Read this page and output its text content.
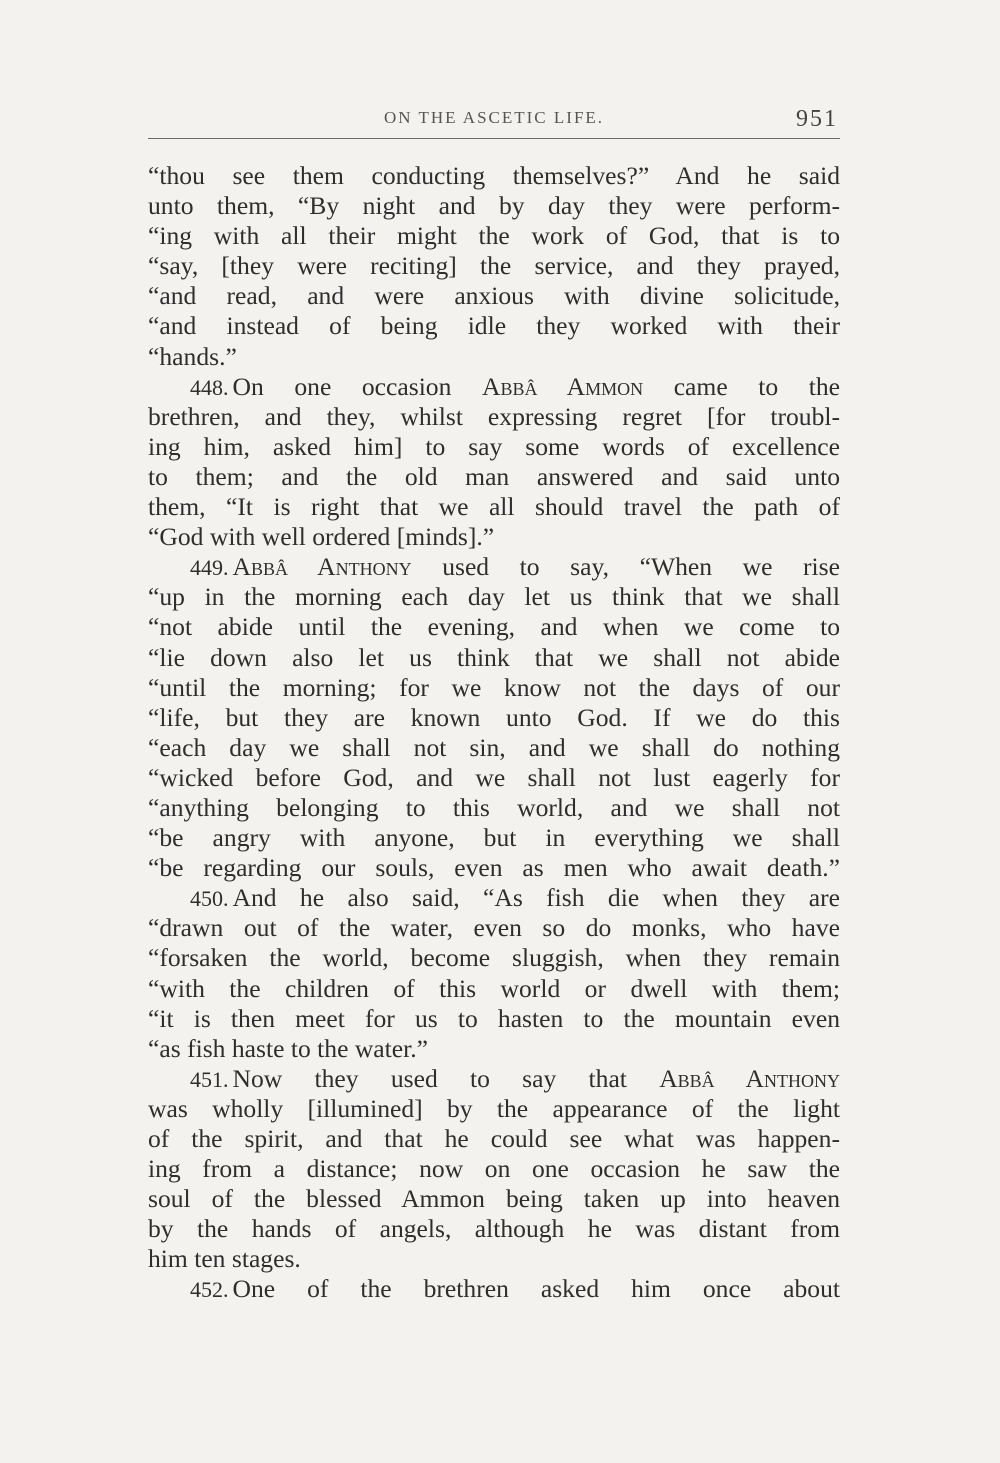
ON THE ASCETIC LIFE.	951
“thou see them conducting themselves?” And he said
unto them, “By night and by day they were perform-
“ing with all their might the work of God, that is to
“say, [they were reciting] the service, and they prayed,
“and read, and were anxious with divine solicitude,
“and instead of being idle they worked with their
“hands.”
448. On one occasion Abbâ Ammon came to the
brethren, and they, whilst expressing regret [for troubl-
ing him, asked him] to say some words of excellence
to them; and the old man answered and said unto
them, “It is right that we all should travel the path of
“God with well ordered [minds].”
449. Abbâ Anthony used to say, “When we rise
“up in the morning each day let us think that we shall
“not abide until the evening, and when we come to
“lie down also let us think that we shall not abide
“until the morning; for we know not the days of our
“life, but they are known unto God. If we do this
“each day we shall not sin, and we shall do nothing
“wicked before God, and we shall not lust eagerly for
“anything belonging to this world, and we shall not
“be angry with anyone, but in everything we shall
“be regarding our souls, even as men who await death.”
450. And he also said, “As fish die when they are
“drawn out of the water, even so do monks, who have
“forsaken the world, become sluggish, when they remain
“with the children of this world or dwell with them;
“it is then meet for us to hasten to the mountain even
“as fish haste to the water.”
451. Now they used to say that Abbâ Anthony
was wholly [illumined] by the appearance of the light
of the spirit, and that he could see what was happen-
ing from a distance; now on one occasion he saw the
soul of the blessed Ammon being taken up into heaven
by the hands of angels, although he was distant from
him ten stages.
452. One of the brethren asked him once about
